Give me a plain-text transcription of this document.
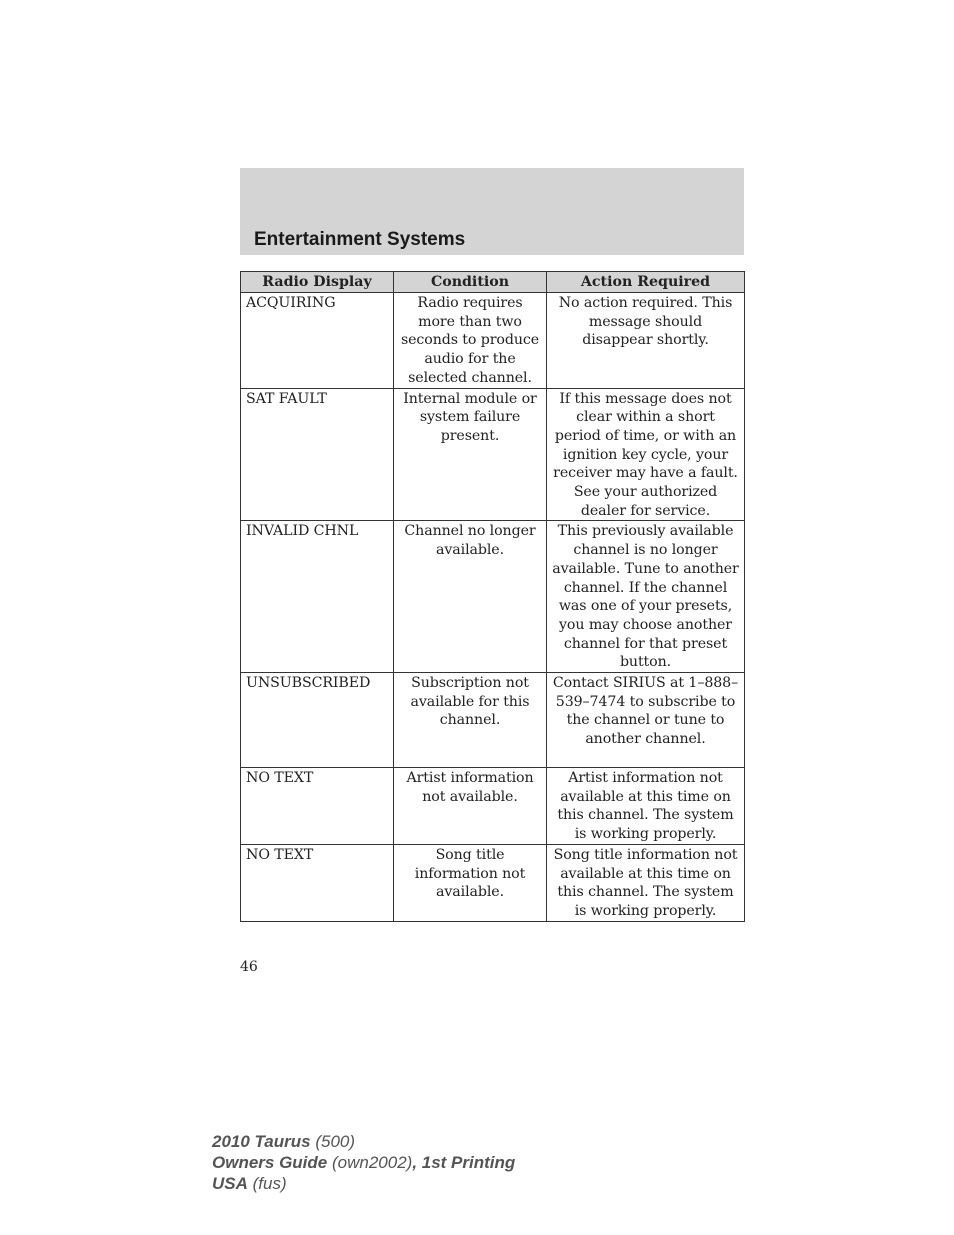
Entertainment Systems
Radio Display	Condition	Action Required
ACQUIRING	Radio requires more than two seconds to produce audio for the selected channel.	No action required. This message should disappear shortly.
SAT FAULT	Internal module or system failure present.	If this message does not clear within a short period of time, or with an ignition key cycle, your receiver may have a fault. See your authorized dealer for service.
INVALID CHNL	Channel no longer available.	This previously available channel is no longer available. Tune to another channel. If the channel was one of your presets, you may choose another channel for that preset button.
UNSUBSCRIBED	Subscription not available for this channel.	Contact SIRIUS at 1–888–539–7474 to subscribe to the channel or tune to another channel.
NO TEXT	Artist information not available.	Artist information not available at this time on this channel. The system is working properly.
NO TEXT	Song title information not available.	Song title information not available at this time on this channel. The system is working properly.
46
2010 Taurus (500)
Owners Guide (own2002), 1st Printing
USA (fus)
